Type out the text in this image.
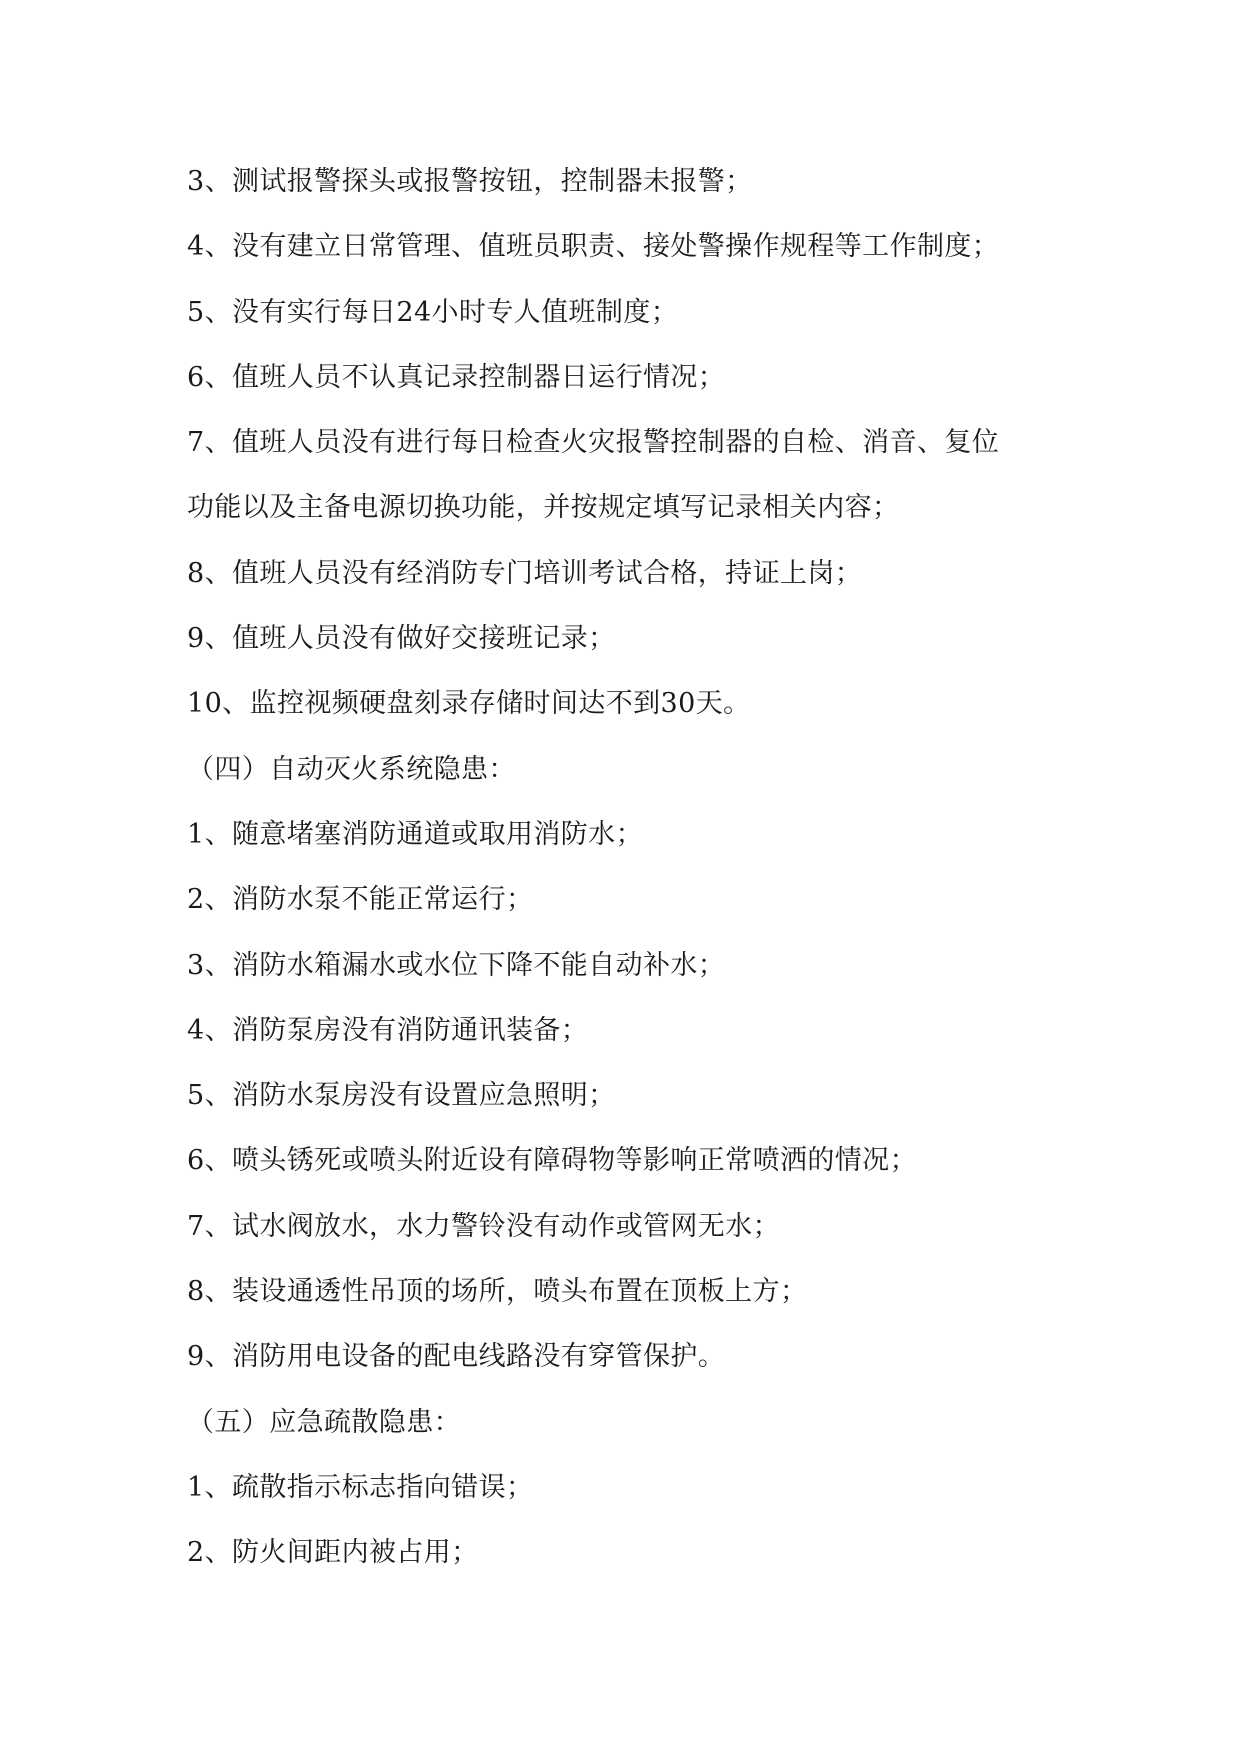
3、测试报警探头或报警按钮，控制器未报警；
4、没有建立日常管理、值班员职责、接处警操作规程等工作制度；
5、没有实行每日24小时专人值班制度；
6、值班人员不认真记录控制器日运行情况；
7、值班人员没有进行每日检查火灾报警控制器的自检、消音、复位
功能以及主备电源切换功能，并按规定填写记录相关内容；
8、值班人员没有经消防专门培训考试合格，持证上岗；
9、值班人员没有做好交接班记录；
10、监控视频硬盘刻录存储时间达不到30天。
（四）自动灭火系统隐患：
1、随意堵塞消防通道或取用消防水；
2、消防水泵不能正常运行；
3、消防水箱漏水或水位下降不能自动补水；
4、消防泵房没有消防通讯装备；
5、消防水泵房没有设置应急照明；
6、喷头锈死或喷头附近设有障碍物等影响正常喷洒的情况；
7、试水阀放水，水力警铃没有动作或管网无水；
8、装设通透性吊顶的场所，喷头布置在顶板上方；
9、消防用电设备的配电线路没有穿管保护。
（五）应急疏散隐患：
1、疏散指示标志指向错误；
2、防火间距内被占用；
